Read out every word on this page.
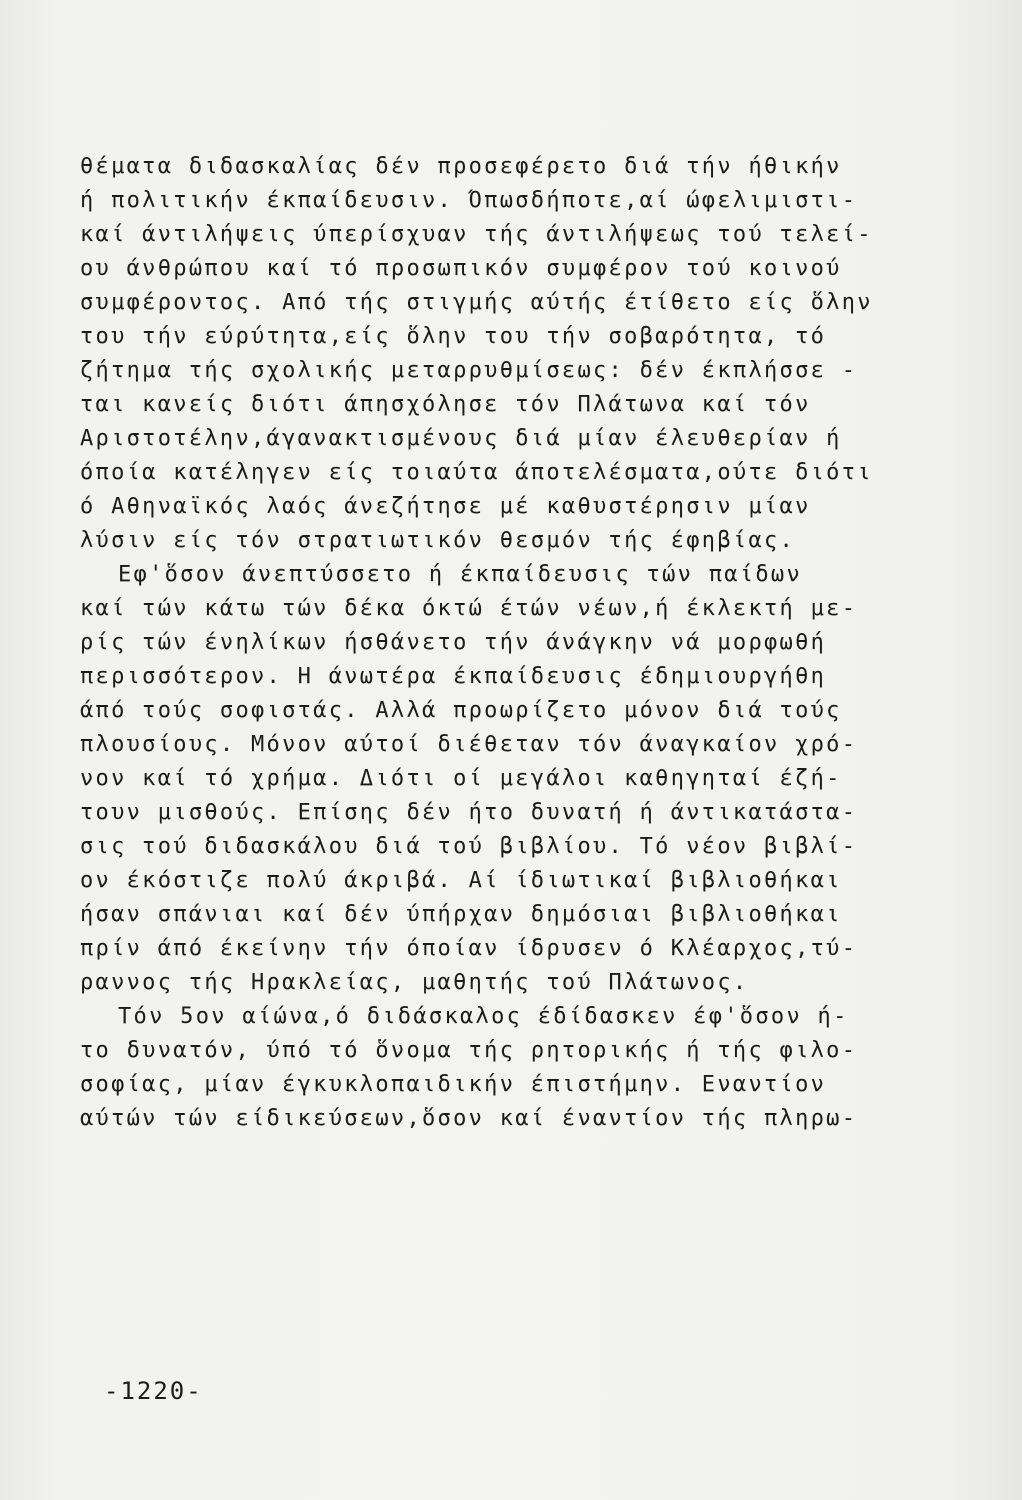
θέματα διδασκαλίας δέν προσεφέρετο διά τήν ήθικήν
ή πολιτικήν έκπαίδευσιν. Όπωσδήποτε,αί ώφελιμιστι-
καί άντιλήψεις ύπερίσχυαν τής άντιλήψεως τού τελεί-
ου άνθρώπου καί τό προσωπικόν συμφέρον τού κοινού
συμφέροντος. Από τής στιγμής αύτής έτίθετο είς ὅλην
του τήν εύρύτητα,είς ὅλην του τήν σοβαρότητα, τό
ζήτημα τής σχολικής μεταρρυθμίσεως: δέν έκπλήσσε -
ται κανείς διότι άπησχόλησε τόν Πλάτωνα καί τόν
Αριστοτέλην,άγανακτισμένους διά μίαν έλευθερίαν ή
όποία κατέληγεν είς τοιαύτα άποτελέσματα,ούτε διότι
ό Αθηναϊκός λαός άνεζήτησε μέ καθυστέρησιν μίαν
λύσιν είς τόν στρατιωτικόν θεσμόν τής έφηβίας.
Εφ'ὅσον άνεπτύσσετο ή έκπαίδευσις τών παίδων
καί τών κάτω τών δέκα όκτώ έτών νέων,ή έκλεκτή με-
ρίς τών ένηλίκων ήσθάνετο τήν άνάγκην νά μορφωθή
περισσότερον. Η άνωτέρα έκπαίδευσις έδημιουργήθη
άπό τούς σοφιστάς. Αλλά προωρίζετο μόνον διά τούς
πλουσίους. Μόνον αύτοί διέθεταν τόν άναγκαίον χρό-
νον καί τό χρήμα. Διότι οί μεγάλοι καθηγηταί έζή-
τουν μισθούς. Επίσης δέν ήτο δυνατή ή άντικατάστα-
σις τού διδασκάλου διά τού βιβλίου. Τό νέον βιβλί-
ον έκόστιζε πολύ άκριβά. Αί ίδιωτικαί βιβλιοθήκαι
ήσαν σπάνιαι καί δέν ύπήρχαν δημόσιαι βιβλιοθήκαι
πρίν άπό έκείνην τήν όποίαν ίδρυσεν ό Κλέαρχος,τύ-
ραννος τής Ηρακλείας, μαθητής τού Πλάτωνος.
Τόν 5ον αίώνα,ό διδάσκαλος έδίδασκεν έφ'ὅσον ή-
το δυνατόν, ύπό τό ὅνομα τής ρητορικής ή τής φιλο-
σοφίας, μίαν έγκυκλοπαιδικήν έπιστήμην. Εναντίον
αύτών τών είδικεύσεων,ὅσον καί έναντίον τής πληρω-
-1220-
